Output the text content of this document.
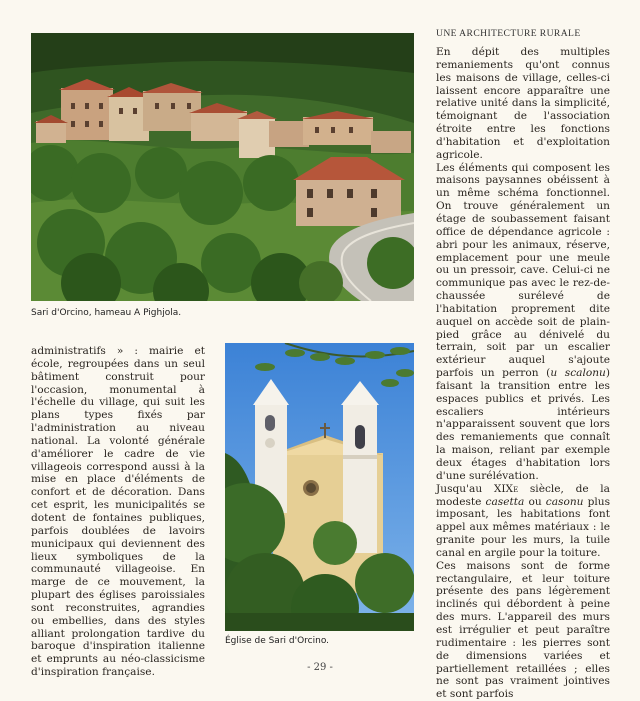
Sari d'Orcino, hameau A Pighjola.
Église de Sari d'Orcino.

administratifs » : mairie et école, regroupées dans un seul bâtiment construit pour l'occasion, monumental à l'échelle du village, qui suit les plans types fixés par l'administration au niveau national. La volonté générale d'améliorer le cadre de vie villageois correspond aussi à la mise en place d'éléments de confort et de décoration. Dans cet esprit, les municipalités se dotent de fontaines publiques, parfois doublées de lavoirs municipaux qui deviennent des lieux symboliques de la communauté villageoise. En marge de ce mouvement, la plupart des églises paroissiales sont reconstruites, agrandies ou embellies, dans des styles alliant prolongation tardive du baroque d'inspiration italienne et emprunts au néo-classicisme d'inspiration française.

UNE ARCHITECTURE RURALE

En dépit des multiples remaniements qu'ont connus les maisons de village, celles-ci laissent encore apparaître une relative unité dans la simplicité, témoignant de l'association étroite entre les fonctions d'habitation et d'exploitation agricole.

Les éléments qui composent les maisons paysannes obéissent à un même schéma fonctionnel. On trouve généralement un étage de soubassement faisant office de dépendance agricole : abri pour les animaux, réserve, emplacement pour une meule ou un pressoir, cave. Celui-ci ne communique pas avec le rez-de-chaussée surélevé de l'habitation proprement dite auquel on accède soit de plain-pied grâce au dénivelé du terrain, soit par un escalier extérieur auquel s'ajoute parfois un perron (u scalonu) faisant la transition entre les espaces publics et privés. Les escaliers intérieurs n'apparaissent souvent que lors des remaniements que connaît la maison, reliant par exemple deux étages d'habitation lors d'une surélévation.

Jusqu'au XIXe siècle, de la modeste casetta ou casonu plus imposant, les habitations font appel aux mêmes matériaux : le granite pour les murs, la tuile canal en argile pour la toiture.

Ces maisons sont de forme rectangulaire, et leur toiture présente des pans légèrement inclinés qui débordent à peine des murs. L'appareil des murs est irrégulier et peut paraître rudimentaire : les pierres sont de dimensions variées et partiellement retaillées ; elles ne sont pas vraiment jointives et sont parfois

- 29 -
